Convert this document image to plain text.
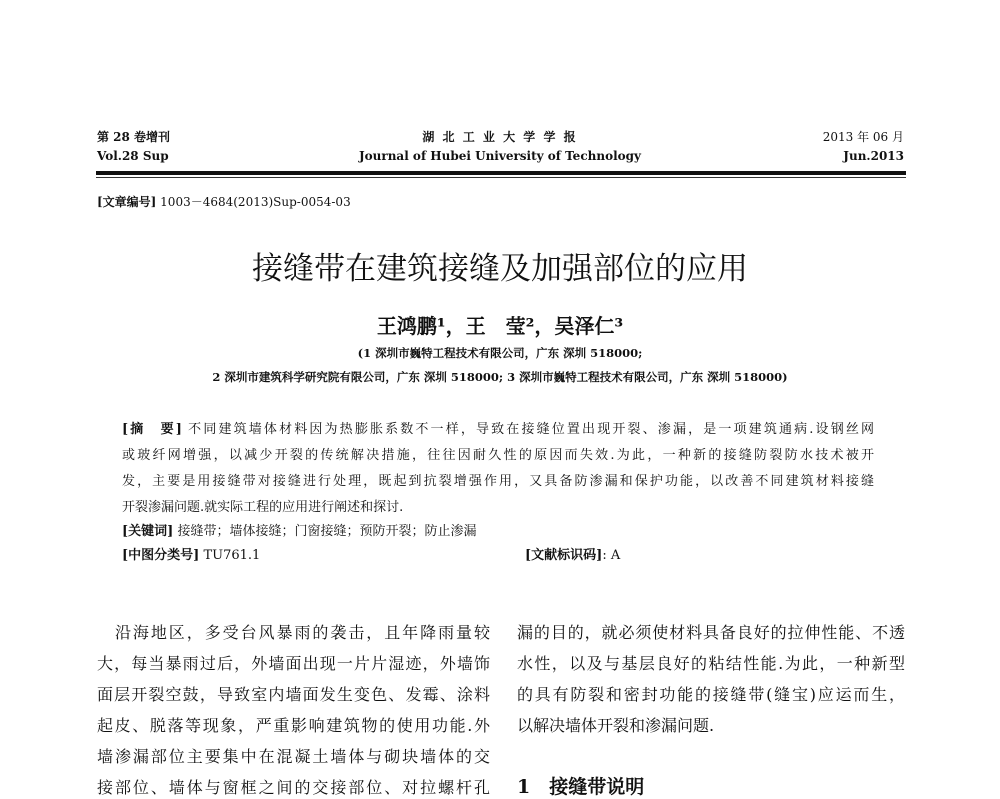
第 28 卷增刊
Vol.28 Sup
湖 北 工 业 大 学 学 报
Journal of Hubei University of Technology
2013 年 06 月
Jun.2013
[文章编号] 1003－4684(2013)Sup-0054-03
接缝带在建筑接缝及加强部位的应用
王鸿鹏¹，王　莹²，吴泽仁³
(1 深圳市巍特工程技术有限公司，广东 深圳 518000;
2 深圳市建筑科学研究院有限公司，广东 深圳 518000; 3 深圳市巍特工程技术有限公司，广东 深圳 518000)
[摘　要] 不同建筑墙体材料因为热膨胀系数不一样，导致在接缝位置出现开裂、渗漏，是一项建筑通病.设钢丝网
或玻纤网增强，以减少开裂的传统解决措施，往往因耐久性的原因而失效.为此，一种新的接缝防裂防水技术被开
发，主要是用接缝带对接缝进行处理，既起到抗裂增强作用，又具备防渗漏和保护功能，以改善不同建筑材料接缝
开裂渗漏问题.就实际工程的应用进行阐述和探讨.
[关键词] 接缝带；墙体接缝；门窗接缝；预防开裂；防止渗漏
[中图分类号] TU761.1	[文献标识码]: A
　沿海地区，多受台风暴雨的袭击，且年降雨量较
大，每当暴雨过后，外墙面出现一片片湿迹，外墙饰
面层开裂空鼓，导致室内墙面发生变色、发霉、涂料
起皮、脱落等现象，严重影响建筑物的使用功能.外
墙渗漏部位主要集中在混凝土墙体与砌块墙体的交
接部位、墙体与窗框之间的交接部位、对拉螺杆孔
漏的目的，就必须使材料具备良好的拉伸性能、不透
水性，以及与基层良好的粘结性能.为此，一种新型
的具有防裂和密封功能的接缝带(缝宝)应运而生，
以解决墙体开裂和渗漏问题.
1　接缝带说明
